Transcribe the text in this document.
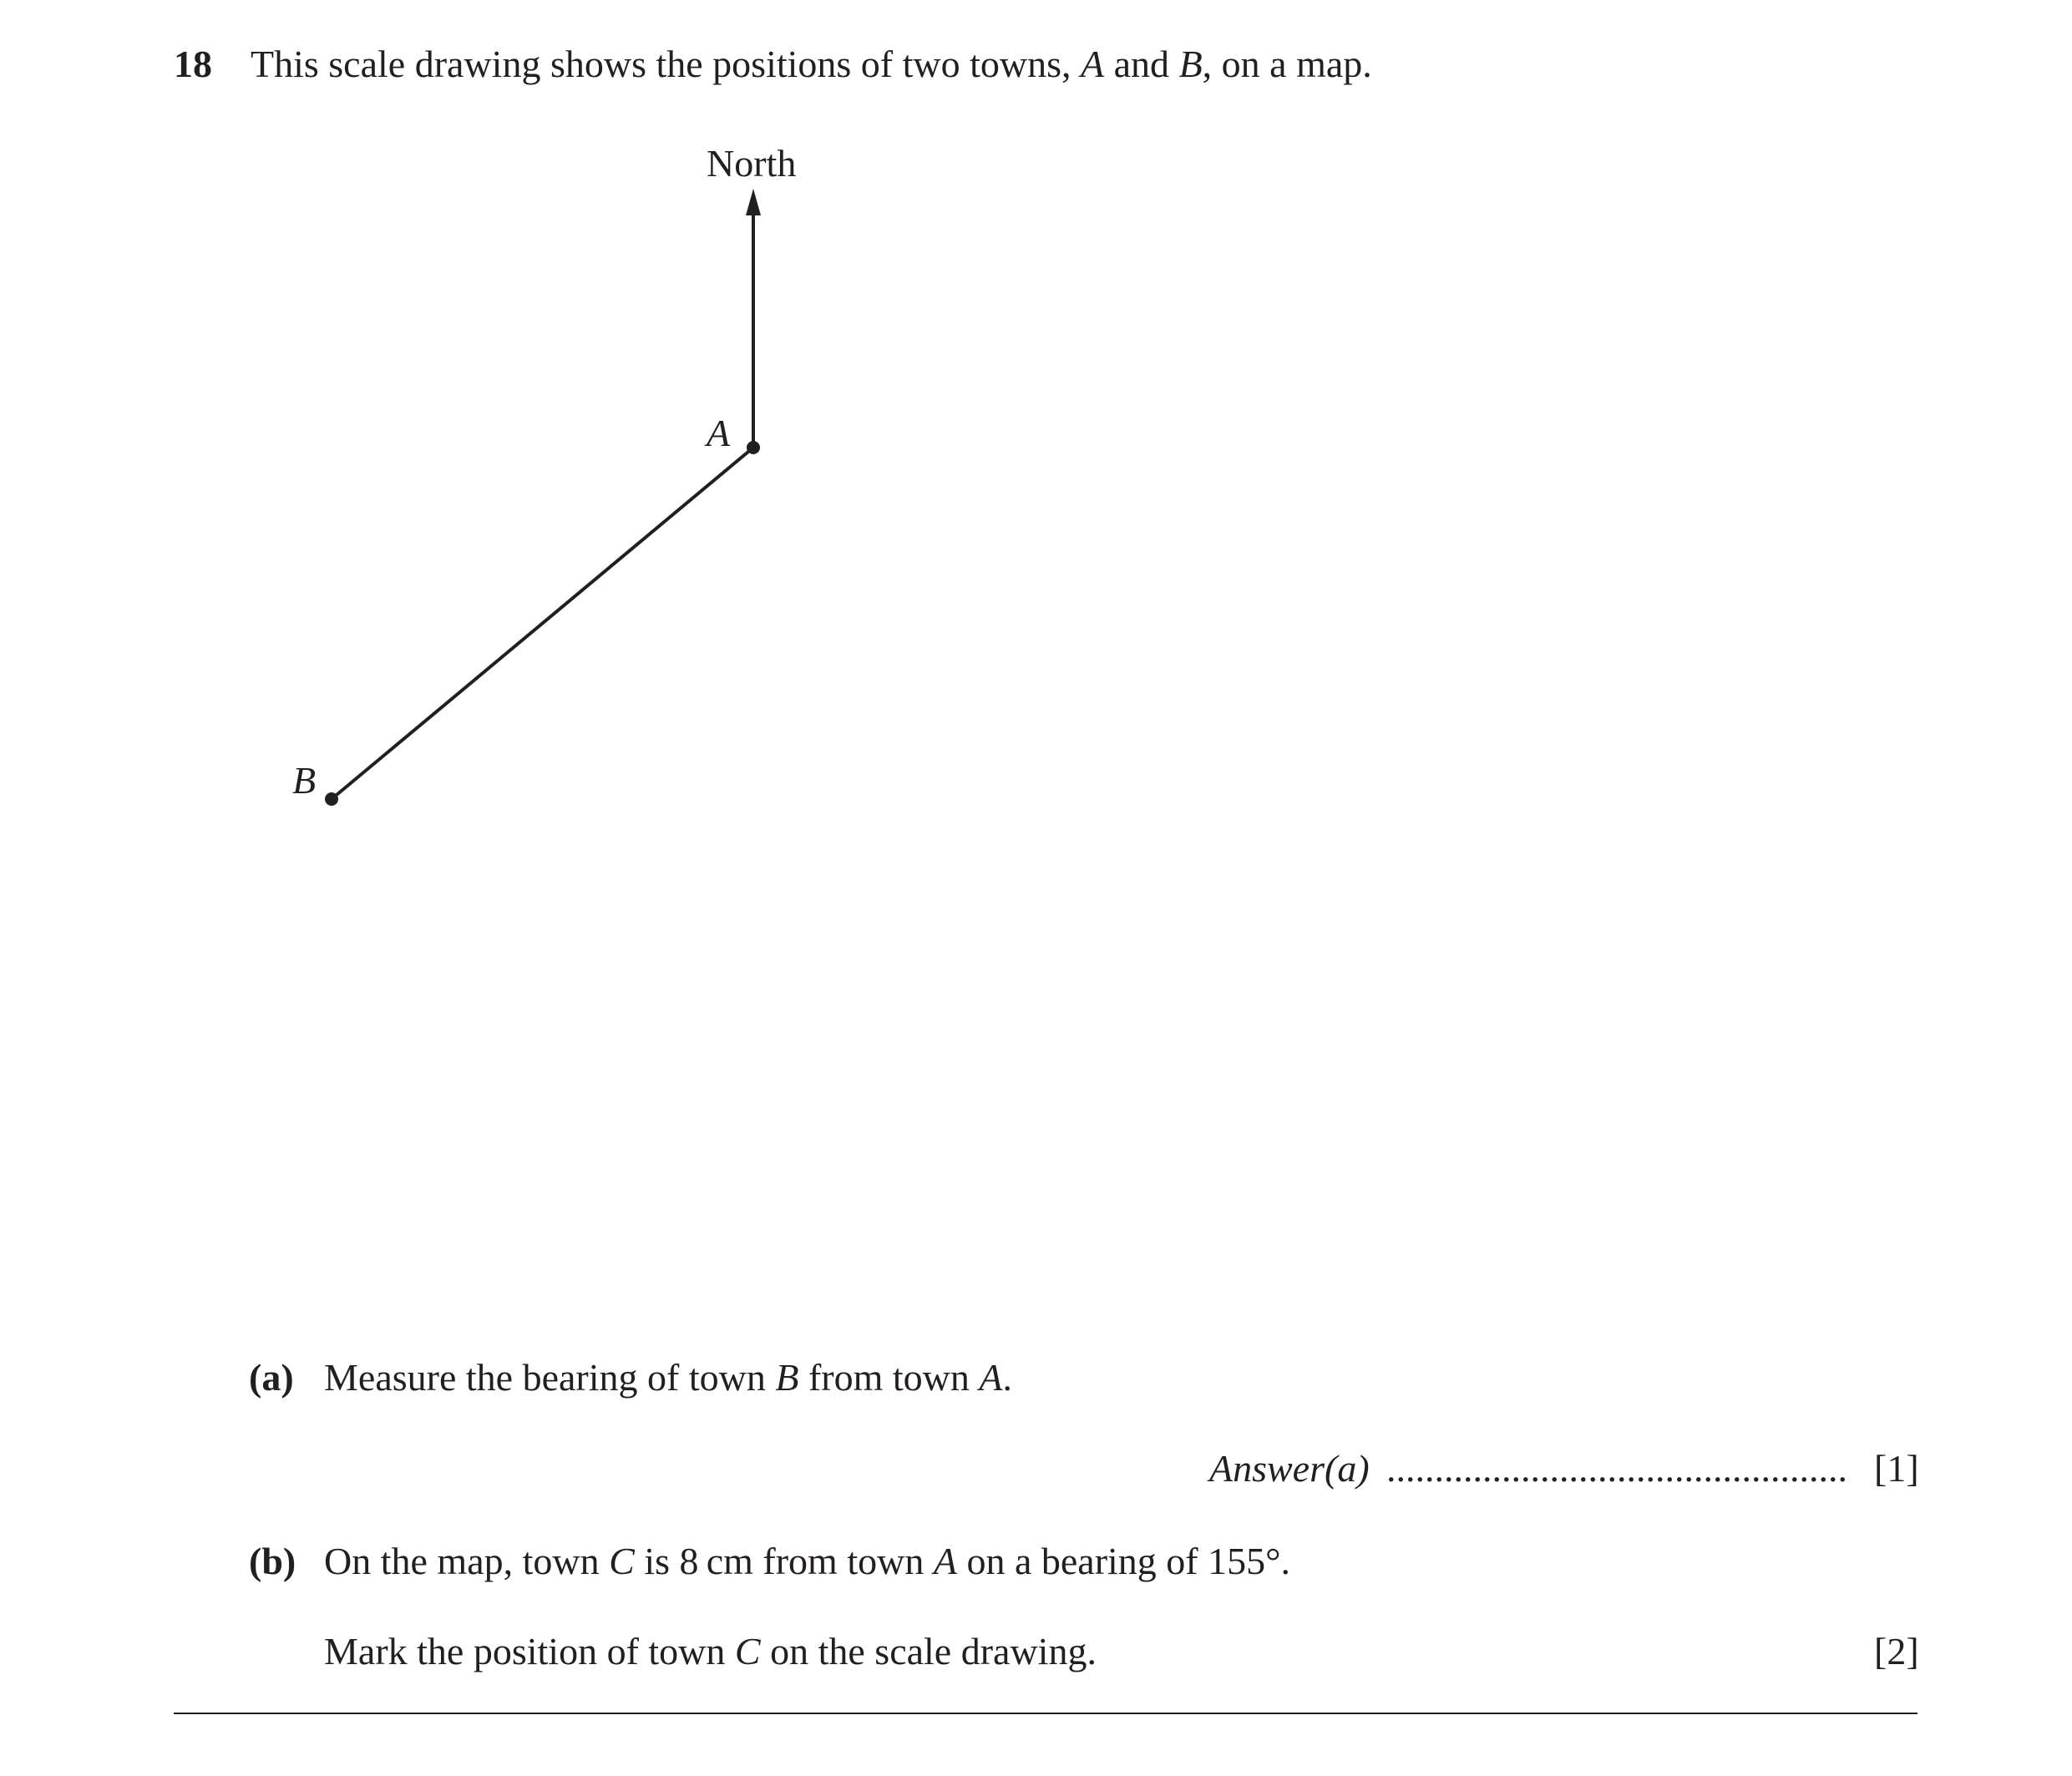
18 This scale drawing shows the positions of two towns, A and B, on a map.
North
A
B
(a) Measure the bearing of town B from town A.
Answer(a) ................................................ [1]
(b) On the map, town C is 8 cm from town A on a bearing of 155°.
Mark the position of town C on the scale drawing.	[2]
